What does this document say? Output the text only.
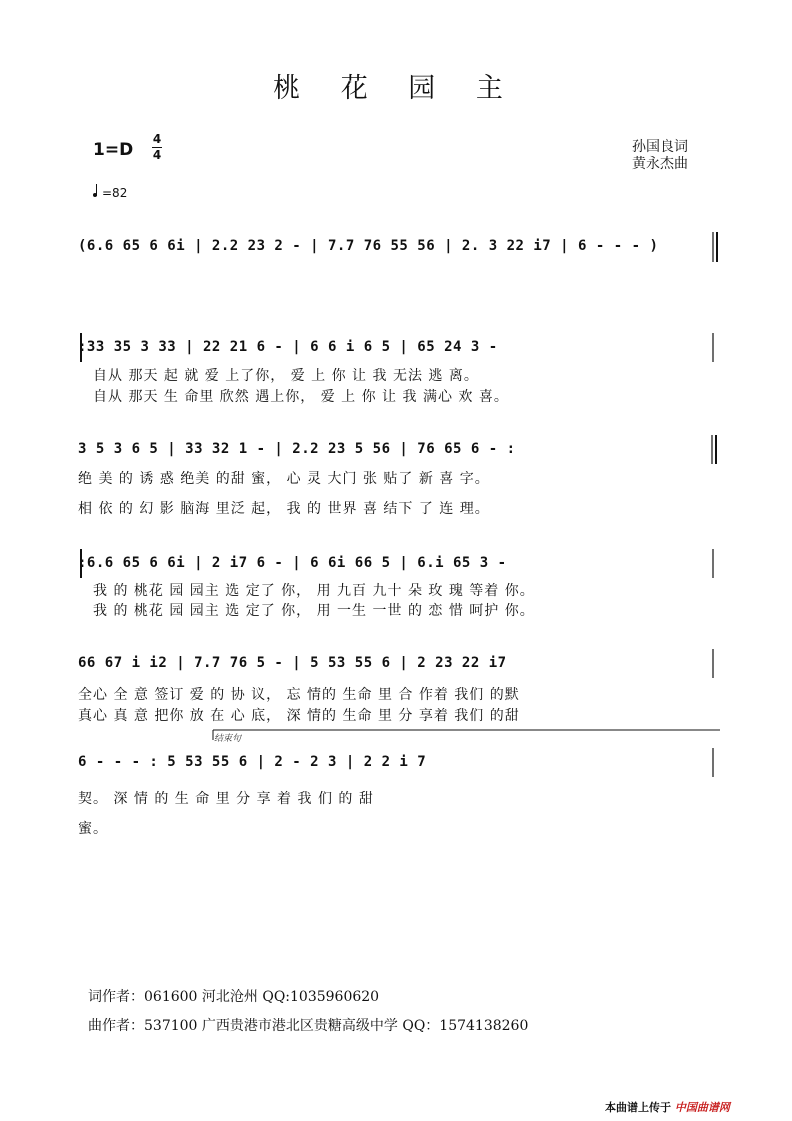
桃 花 园 主
1=D
4
4	孙国良词
黄永杰曲
=82
(6.6 65 6 6i | 2.2 23 2 - | 7.7 76 55 56 | 2. 3 22 i7 | 6 - - - )
:33 35 3 33 | 22 21 6 - | 6 6 i 6 5 | 65 24 3 -
自从 那天 起 就 爱 上了你， 爱 上 你 让 我 无法 逃 离。
自从 那天 生 命里 欣然 遇上你， 爱 上 你 让 我 满心 欢 喜。
3 5 3 6 5 | 33 32 1 - | 2.2 23 5 56 | 76 65 6 - :
绝 美 的 诱 惑 绝美 的甜 蜜， 心 灵 大门 张 贴了 新 喜 字。
相 依 的 幻 影 脑海 里泛 起， 我 的 世界 喜 结下 了 连 理。
:6.6 65 6 6i | 2 i7 6 - | 6 6i 66 5 | 6.i 65 3 -
我 的 桃花 园 园主 选 定了 你， 用 九百 九十 朵 玫 瑰 等着 你。
我 的 桃花 园 园主 选 定了 你， 用 一生 一世 的 恋 惜 呵护 你。
66 67 i i2 | 7.7 76 5 - | 5 53 55 6 | 2 23 22 i7
全心 全 意 签订 爱 的 协 议， 忘 情的 生命 里 合 作着 我们 的默
真心 真 意 把你 放 在 心 底， 深 情的 生命 里 分 享着 我们 的甜
结束句
6 - - - : 5 53 55 6 | 2 - 2 3 | 2 2 i 7
契。 深 情 的 生 命 里 分 享 着 我 们 的 甜
蜜。
词作者：061600 河北沧州 QQ:1035960620
曲作者：537100 广西贵港市港北区贵糖高级中学 QQ：1574138260
本曲谱上传于 中国曲谱网
